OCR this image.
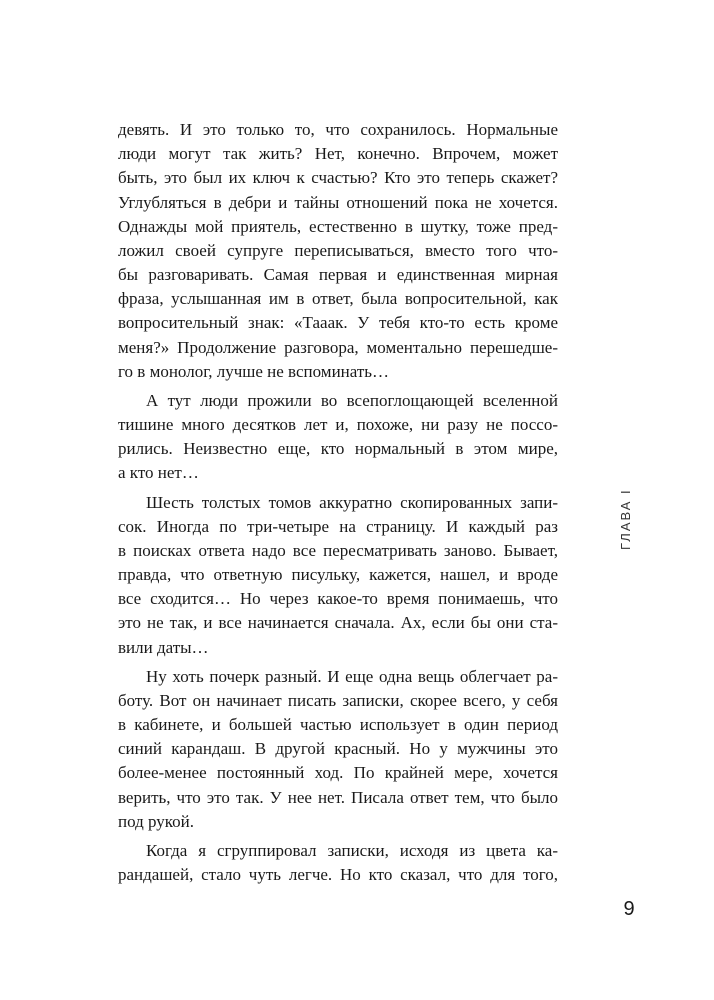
девять. И это только то, что сохранилось. Нормальные
люди могут так жить? Нет, конечно. Впрочем, может
быть, это был их ключ к счастью? Кто это теперь скажет?
Углубляться в дебри и тайны отношений пока не хочется.
Однажды мой приятель, естественно в шутку, тоже пред-
ложил своей супруге переписываться, вместо того что-
бы разговаривать. Самая первая и единственная мирная
фраза, услышанная им в ответ, была вопросительной, как
вопросительный знак: «Тааак. У тебя кто-то есть кроме
меня?» Продолжение разговора, моментально перешедше-
го в монолог, лучше не вспоминать…
А тут люди прожили во всепоглощающей вселенной
тишине много десятков лет и, похоже, ни разу не поссо-
рились. Неизвестно еще, кто нормальный в этом мире,
а кто нет…
Шесть толстых томов аккуратно скопированных запи-
сок. Иногда по три-четыре на страницу. И каждый раз
в поисках ответа надо все пересматривать заново. Бывает,
правда, что ответную писульку, кажется, нашел, и вроде
все сходится… Но через какое-то время понимаешь, что
это не так, и все начинается сначала. Ах, если бы они ста-
вили даты…
Ну хоть почерк разный. И еще одна вещь облегчает ра-
боту. Вот он начинает писать записки, скорее всего, у себя
в кабинете, и большей частью использует в один период
синий карандаш. В другой красный. Но у мужчины это
более-менее постоянный ход. По крайней мере, хочется
верить, что это так. У нее нет. Писала ответ тем, что было
под рукой.
Когда я сгруппировал записки, исходя из цвета ка-
рандашей, стало чуть легче. Но кто сказал, что для того,
ГЛАВА I
9
